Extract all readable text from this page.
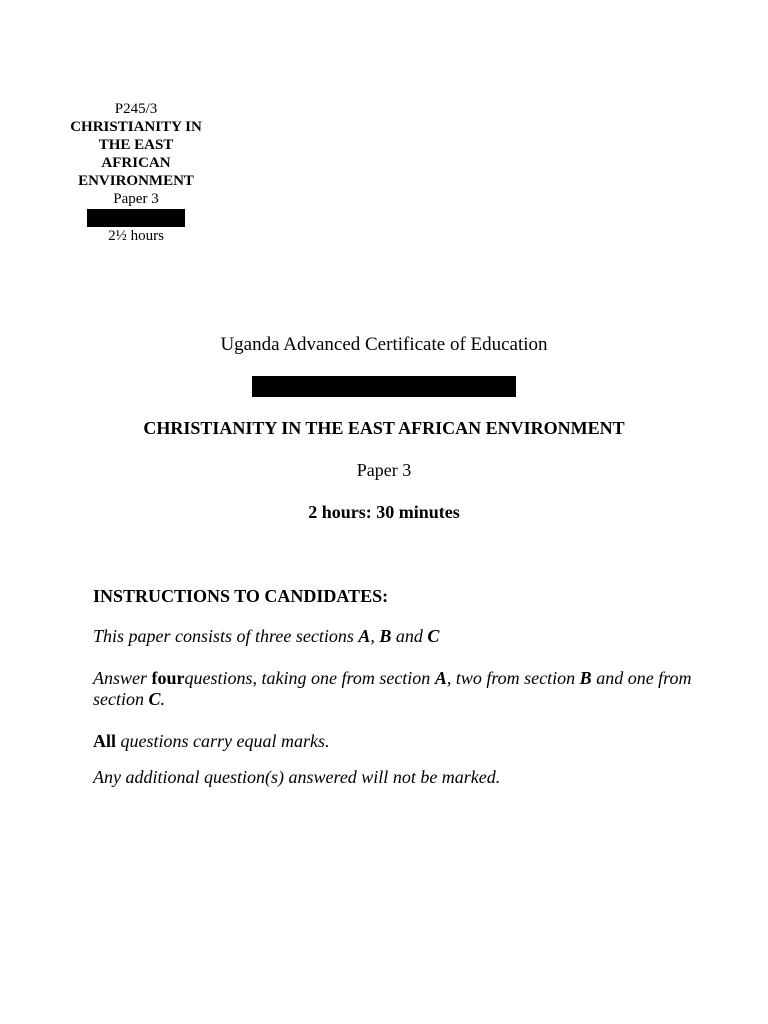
P245/3
CHRISTIANITY IN
THE EAST
AFRICAN
ENVIRONMENT
Paper 3
2½ hours
Uganda Advanced Certificate of Education
CHRISTIANITY IN THE EAST AFRICAN ENVIRONMENT
Paper 3
2 hours: 30 minutes
INSTRUCTIONS TO CANDIDATES:

This paper consists of three sections A, B and C

Answer fourquestions, taking one from section A, two from section B and one from section C.

All questions carry equal marks.

Any additional question(s) answered will not be marked.
